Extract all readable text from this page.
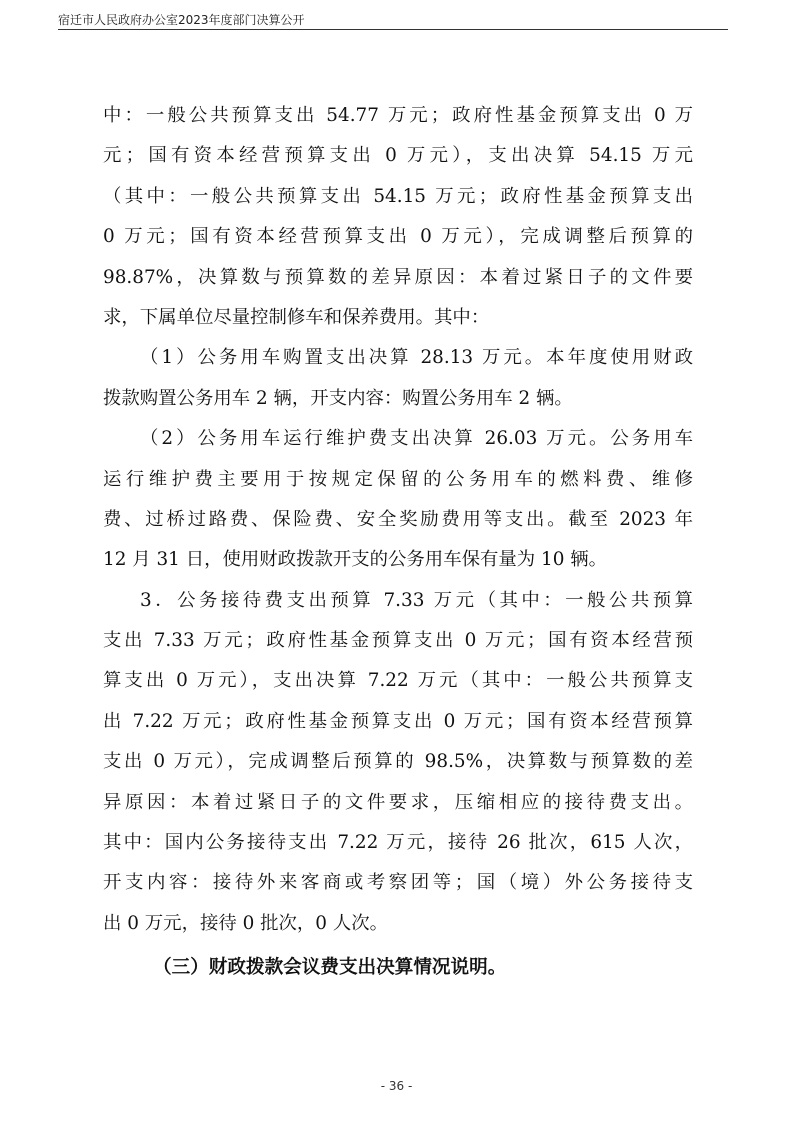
宿迁市人民政府办公室2023年度部门决算公开
中：一般公共预算支出 54.77 万元；政府性基金预算支出 0 万
元；国有资本经营预算支出 0 万元），支出决算 54.15 万元
（其中：一般公共预算支出 54.15 万元；政府性基金预算支出
0 万元；国有资本经营预算支出 0 万元），完成调整后预算的
98.87%，决算数与预算数的差异原因：本着过紧日子的文件要
求，下属单位尽量控制修车和保养费用。其中：
（1）公务用车购置支出决算 28.13 万元。本年度使用财政
拨款购置公务用车 2 辆，开支内容：购置公务用车 2 辆。
（2）公务用车运行维护费支出决算 26.03 万元。公务用车
运行维护费主要用于按规定保留的公务用车的燃料费、维修
费、过桥过路费、保险费、安全奖励费用等支出。截至 2023 年
12 月 31 日，使用财政拨款开支的公务用车保有量为 10 辆。
3．公务接待费支出预算 7.33 万元（其中：一般公共预算
支出 7.33 万元；政府性基金预算支出 0 万元；国有资本经营预
算支出 0 万元），支出决算 7.22 万元（其中：一般公共预算支
出 7.22 万元；政府性基金预算支出 0 万元；国有资本经营预算
支出 0 万元），完成调整后预算的 98.5%，决算数与预算数的差
异原因：本着过紧日子的文件要求，压缩相应的接待费支出。
其中：国内公务接待支出 7.22 万元，接待 26 批次，615 人次，
开支内容：接待外来客商或考察团等；国（境）外公务接待支
出 0 万元，接待 0 批次，0 人次。
（三）财政拨款会议费支出决算情况说明。
- 36 -
